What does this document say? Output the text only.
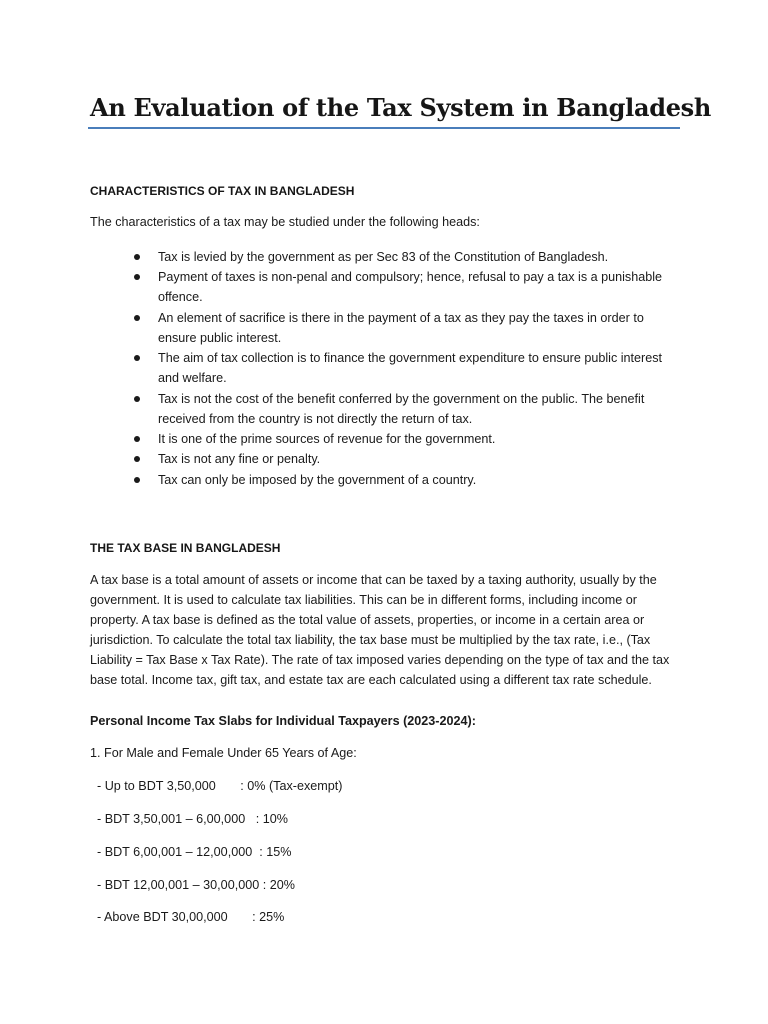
An Evaluation of the Tax System in Bangladesh
CHARACTERISTICS OF TAX IN BANGLADESH
The characteristics of a tax may be studied under the following heads:
Tax is levied by the government as per Sec 83 of the Constitution of Bangladesh.
Payment of taxes is non-penal and compulsory; hence, refusal to pay a tax is a punishable offence.
An element of sacrifice is there in the payment of a tax as they pay the taxes in order to ensure public interest.
The aim of tax collection is to finance the government expenditure to ensure public interest and welfare.
Tax is not the cost of the benefit conferred by the government on the public. The benefit received from the country is not directly the return of tax.
It is one of the prime sources of revenue for the government.
Tax is not any fine or penalty.
Tax can only be imposed by the government of a country.
THE TAX BASE IN BANGLADESH
A tax base is a total amount of assets or income that can be taxed by a taxing authority, usually by the government. It is used to calculate tax liabilities. This can be in different forms, including income or property. A tax base is defined as the total value of assets, properties, or income in a certain area or jurisdiction. To calculate the total tax liability, the tax base must be multiplied by the tax rate, i.e., (Tax Liability = Tax Base x Tax Rate). The rate of tax imposed varies depending on the type of tax and the tax base total. Income tax, gift tax, and estate tax are each calculated using a different tax rate schedule.
Personal Income Tax Slabs for Individual Taxpayers (2023-2024):
1. For Male and Female Under 65 Years of Age:
- Up to BDT 3,50,000       : 0% (Tax-exempt)
- BDT 3,50,001 – 6,00,000   : 10%
- BDT 6,00,001 – 12,00,000  : 15%
- BDT 12,00,001 – 30,00,000 : 20%
- Above BDT 30,00,000       : 25%
